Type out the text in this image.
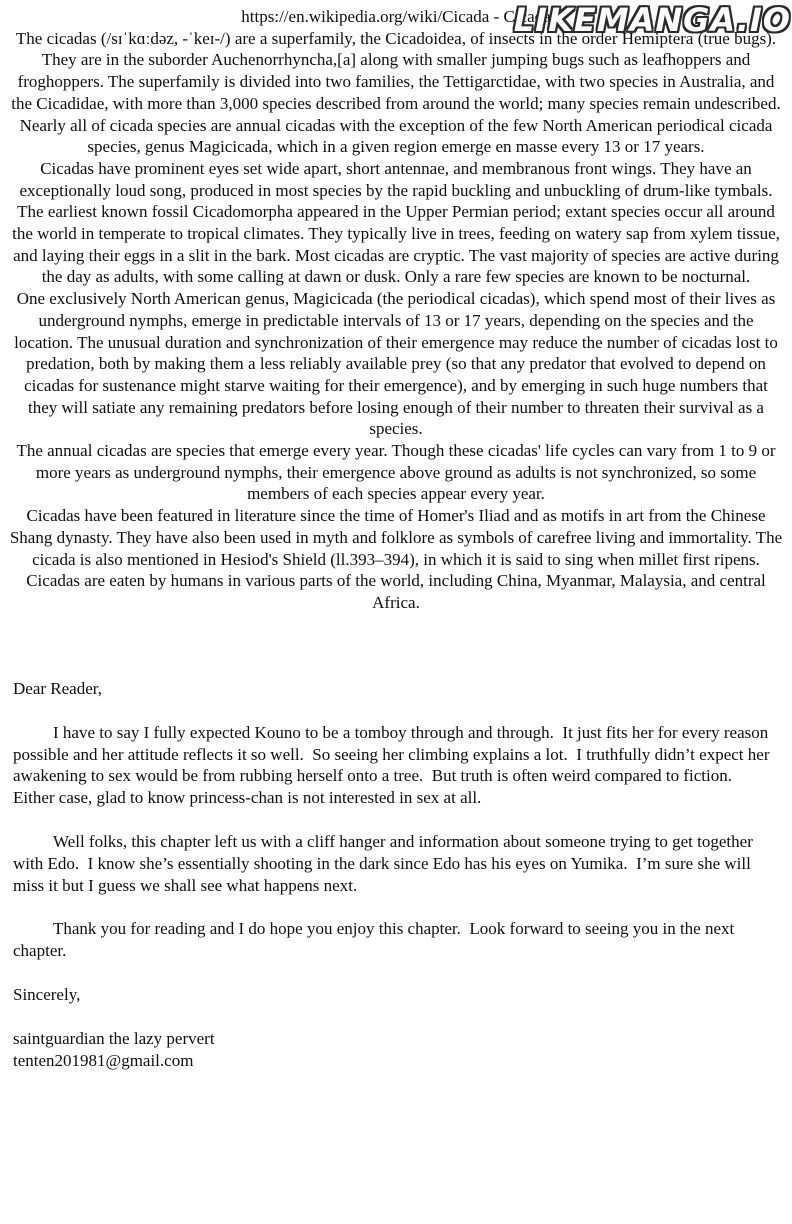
LIKEMANGA.IO

https://en.wikipedia.org/wiki/Cicada - Cicada

The cicadas (/sɪˈkɑːdəz, -ˈkeɪ-/) are a superfamily, the Cicadoidea, of insects in the order Hemiptera (true bugs). They are in the suborder Auchenorrhyncha,[a] along with smaller jumping bugs such as leafhoppers and froghoppers. The superfamily is divided into two families, the Tettigarctidae, with two species in Australia, and the Cicadidae, with more than 3,000 species described from around the world; many species remain undescribed. Nearly all of cicada species are annual cicadas with the exception of the few North American periodical cicada species, genus Magicicada, which in a given region emerge en masse every 13 or 17 years.

Cicadas have prominent eyes set wide apart, short antennae, and membranous front wings. They have an exceptionally loud song, produced in most species by the rapid buckling and unbuckling of drum-like tymbals. The earliest known fossil Cicadomorpha appeared in the Upper Permian period; extant species occur all around the world in temperate to tropical climates. They typically live in trees, feeding on watery sap from xylem tissue, and laying their eggs in a slit in the bark. Most cicadas are cryptic. The vast majority of species are active during the day as adults, with some calling at dawn or dusk. Only a rare few species are known to be nocturnal.

One exclusively North American genus, Magicicada (the periodical cicadas), which spend most of their lives as underground nymphs, emerge in predictable intervals of 13 or 17 years, depending on the species and the location. The unusual duration and synchronization of their emergence may reduce the number of cicadas lost to predation, both by making them a less reliably available prey (so that any predator that evolved to depend on cicadas for sustenance might starve waiting for their emergence), and by emerging in such huge numbers that they will satiate any remaining predators before losing enough of their number to threaten their survival as a species.

The annual cicadas are species that emerge every year. Though these cicadas' life cycles can vary from 1 to 9 or more years as underground nymphs, their emergence above ground as adults is not synchronized, so some members of each species appear every year.

Cicadas have been featured in literature since the time of Homer's Iliad and as motifs in art from the Chinese Shang dynasty. They have also been used in myth and folklore as symbols of carefree living and immortality. The cicada is also mentioned in Hesiod's Shield (ll.393–394), in which it is said to sing when millet first ripens. Cicadas are eaten by humans in various parts of the world, including China, Myanmar, Malaysia, and central Africa.

Dear Reader,

I have to say I fully expected Kouno to be a tomboy through and through.  It just fits her for every reason possible and her attitude reflects it so well.  So seeing her climbing explains a lot.  I truthfully didn’t expect her awakening to sex would be from rubbing herself onto a tree.  But truth is often weird compared to fiction.  Either case, glad to know princess-chan is not interested in sex at all.

Well folks, this chapter left us with a cliff hanger and information about someone trying to get together with Edo.  I know she’s essentially shooting in the dark since Edo has his eyes on Yumika.  I’m sure she will miss it but I guess we shall see what happens next.

Thank you for reading and I do hope you enjoy this chapter.  Look forward to seeing you in the next chapter.

Sincerely,

saintguardian the lazy pervert

tenten201981@gmail.com
